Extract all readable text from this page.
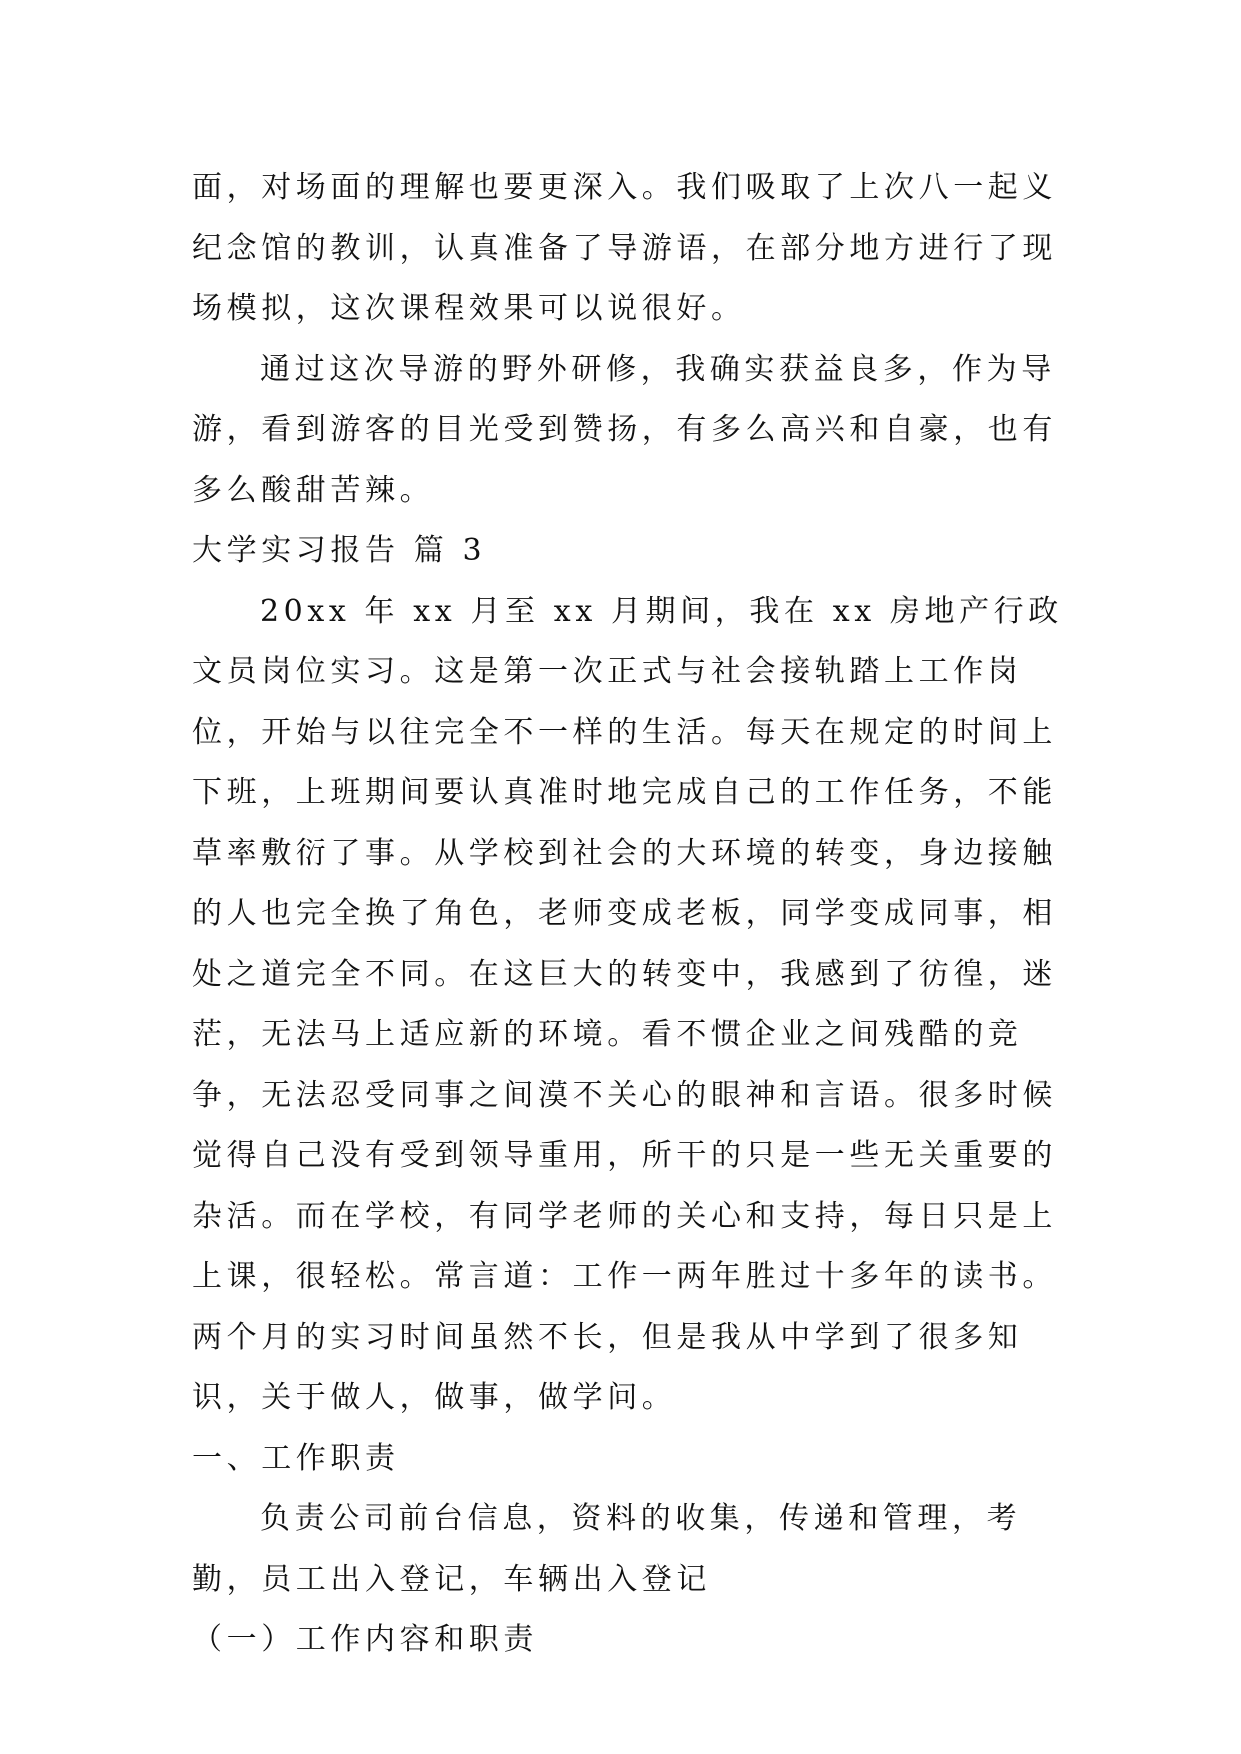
面，对场面的理解也要更深入。我们吸取了上次八一起义纪念馆的教训，认真准备了导游语，在部分地方进行了现场模拟，这次课程效果可以说很好。

通过这次导游的野外研修，我确实获益良多，作为导游，看到游客的目光受到赞扬，有多么高兴和自豪，也有多么酸甜苦辣。

大学实习报告 篇 3

20xx 年 xx 月至 xx 月期间，我在 xx 房地产行政文员岗位实习。这是第一次正式与社会接轨踏上工作岗位，开始与以往完全不一样的生活。每天在规定的时间上下班，上班期间要认真准时地完成自己的工作任务，不能草率敷衍了事。从学校到社会的大环境的转变，身边接触的人也完全换了角色，老师变成老板，同学变成同事，相处之道完全不同。在这巨大的转变中，我感到了彷徨，迷茫，无法马上适应新的环境。看不惯企业之间残酷的竞争，无法忍受同事之间漠不关心的眼神和言语。很多时候觉得自己没有受到领导重用，所干的只是一些无关重要的杂活。而在学校，有同学老师的关心和支持，每日只是上上课，很轻松。常言道：工作一两年胜过十多年的读书。两个月的实习时间虽然不长，但是我从中学到了很多知识，关于做人，做事，做学问。

一、工作职责

负责公司前台信息，资料的收集，传递和管理，考勤，员工出入登记，车辆出入登记

（一）工作内容和职责
